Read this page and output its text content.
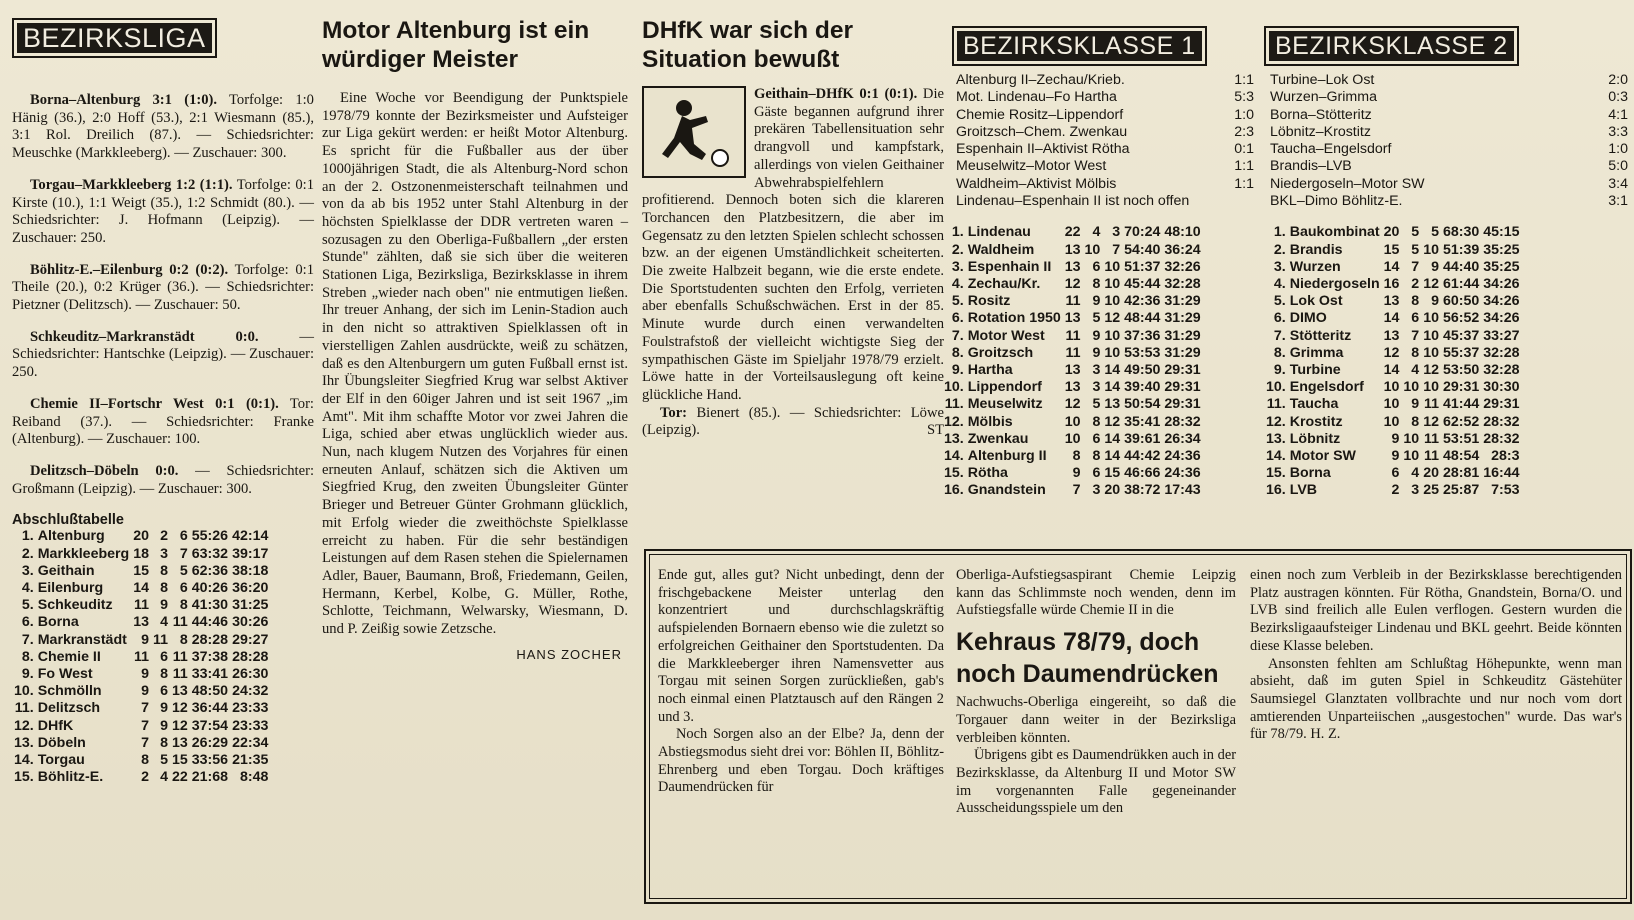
BEZIRKSLIGA

Borna–Altenburg 3:1 (1:0). Torfolge: 1:0 Hänig (36.), 2:0 Hoff (53.), 2:1 Wiesmann (85.), 3:1 Rol. Dreilich (87.). — Schiedsrichter: Meuschke (Markkleeberg). — Zuschauer: 300.

Torgau–Markkleeberg 1:2 (1:1). Torfolge: 0:1 Kirste (10.), 1:1 Weigt (35.), 1:2 Schmidt (80.). — Schiedsrichter: J. Hofmann (Leipzig). — Zuschauer: 250.

Böhlitz-E.–Eilenburg 0:2 (0:2). Torfolge: 0:1 Theile (20.), 0:2 Krüger (36.). — Schiedsrichter: Pietzner (Delitzsch). — Zuschauer: 50.

Schkeuditz–Markranstädt 0:0. — Schiedsrichter: Hantschke (Leipzig). — Zuschauer: 250.

Chemie II–Fortschr West 0:1 (0:1). Tor: Reiband (37.). — Schiedsrichter: Franke (Altenburg). — Zuschauer: 100.

Delitzsch–Döbeln 0:0. — Schiedsrichter: Großmann (Leipzig). — Zuschauer: 300.

Abschlußtabelle
1.	Altenburg	20	2	6	55:26	42:14
2.	Markkleeberg	18	3	7	63:32	39:17
3.	Geithain	15	8	5	62:36	38:18
4.	Eilenburg	14	8	6	40:26	36:20
5.	Schkeuditz	11	9	8	41:30	31:25
6.	Borna	13	4	11	44:46	30:26
7.	Markranstädt	9	11	8	28:28	29:27
8.	Chemie II	11	6	11	37:38	28:28
9.	Fo West	9	8	11	33:41	26:30
10.	Schmölln	9	6	13	48:50	24:32
11.	Delitzsch	7	9	12	36:44	23:33
12.	DHfK	7	9	12	37:54	23:33
13.	Döbeln	7	8	13	26:29	22:34
14.	Torgau	8	5	15	33:56	21:35
15.	Böhlitz-E.	2	4	22	21:68	8:48
Motor Altenburg ist ein würdiger Meister

Eine Woche vor Beendigung der Punktspiele 1978/79 konnte der Bezirksmeister und Aufsteiger zur Liga gekürt werden: er heißt Motor Altenburg. Es spricht für die Fußballer aus der über 1000jährigen Stadt, die als Altenburg-Nord schon an der 2. Ostzonenmeisterschaft teilnahmen und von da ab bis 1952 unter Stahl Altenburg in der höchsten Spielklasse der DDR vertreten waren – sozusagen zu den Oberliga-Fußballern „der ersten Stunde" zählten, daß sie sich über die weiteren Stationen Liga, Bezirksliga, Bezirksklasse in ihrem Streben „wieder nach oben" nie entmutigen ließen. Ihr treuer Anhang, der sich im Lenin-Stadion auch in den nicht so attraktiven Spielklassen oft in vierstelligen Zahlen ausdrückte, weiß zu schätzen, daß es den Altenburgern um guten Fußball ernst ist. Ihr Übungsleiter Siegfried Krug war selbst Aktiver der Elf in den 60iger Jahren und ist seit 1967 „im Amt". Mit ihm schaffte Motor vor zwei Jahren die Liga, schied aber etwas unglücklich wieder aus. Nun, nach klugem Nutzen des Vorjahres für einen erneuten Anlauf, schätzen sich die Aktiven um Siegfried Krug, den zweiten Übungsleiter Günter Brieger und Betreuer Günter Grohmann glücklich, mit Erfolg wieder die zweithöchste Spielklasse erreicht zu haben. Für die sehr beständigen Leistungen auf dem Rasen stehen die Spielernamen Adler, Bauer, Baumann, Broß, Friedemann, Geilen, Hermann, Kerbel, Kolbe, G. Müller, Rothe, Schlotte, Teichmann, Welwarsky, Wiesmann, D. und P. Zeißig sowie Zetzsche.

HANS ZOCHER
DHfK war sich der Situation bewußt

Geithain–DHfK 0:1 (0:1). Die Gäste begannen aufgrund ihrer prekären Tabellensituation sehr drangvoll und kampfstark, allerdings von vielen Geithainer Abwehrabspielfehlern profitierend. Dennoch boten sich die klareren Torchancen den Platzbesitzern, die aber im Gegensatz zu den letzten Spielen schlecht schossen bzw. an der eigenen Umständlichkeit scheiterten. Die zweite Halbzeit begann, wie die erste endete. Die Sportstudenten suchten den Erfolg, verrieten aber ebenfalls Schußschwächen. Erst in der 85. Minute wurde durch einen verwandelten Foulstrafstoß der vielleicht wichtigste Sieg der sympathischen Gäste im Spieljahr 1978/79 erzielt. Löwe hatte in der Vorteilsauslegung oft keine glückliche Hand.

Tor: Bienert (85.). — Schiedsrichter: Löwe (Leipzig).	ST

BEZIRKSKLASSE 1
Altenburg II–Zechau/Krieb.	1:1
Mot. Lindenau–Fo Hartha	5:3
Chemie Rositz–Lippendorf	1:0
Groitzsch–Chem. Zwenkau	2:3
Espenhain II–Aktivist Rötha	0:1
Meuselwitz–Motor West	1:1
Waldheim–Aktivist Mölbis	1:1
Lindenau–Espenhain II ist noch offen
1.	Lindenau	22	4	3	70:24	48:10
2.	Waldheim	13	10	7	54:40	36:24
3.	Espenhain II	13	6	10	51:37	32:26
4.	Zechau/Kr.	12	8	10	45:44	32:28
5.	Rositz	11	9	10	42:36	31:29
6.	Rotation 1950	13	5	12	48:44	31:29
7.	Motor West	11	9	10	37:36	31:29
8.	Groitzsch	11	9	10	53:53	31:29
9.	Hartha	13	3	14	49:50	29:31
10.	Lippendorf	13	3	14	39:40	29:31
11.	Meuselwitz	12	5	13	50:54	29:31
12.	Mölbis	10	8	12	35:41	28:32
13.	Zwenkau	10	6	14	39:61	26:34
14.	Altenburg II	8	8	14	44:42	24:36
15.	Rötha	9	6	15	46:66	24:36
16.	Gnandstein	7	3	20	38:72	17:43
BEZIRKSKLASSE 2
Turbine–Lok Ost	2:0
Wurzen–Grimma	0:3
Borna–Stötteritz	4:1
Löbnitz–Krostitz	3:3
Taucha–Engelsdorf	1:0
Brandis–LVB	5:0
Niedergoseln–Motor SW	3:4
BKL–Dimo Böhlitz-E.	3:1
1.	Baukombinat	20	5	5	68:30	45:15
2.	Brandis	15	5	10	51:39	35:25
3.	Wurzen	14	7	9	44:40	35:25
4.	Niedergoseln	16	2	12	61:44	34:26
5.	Lok Ost	13	8	9	60:50	34:26
6.	DIMO	14	6	10	56:52	34:26
7.	Stötteritz	13	7	10	45:37	33:27
8.	Grimma	12	8	10	55:37	32:28
9.	Turbine	14	4	12	53:50	32:28
10.	Engelsdorf	10	10	10	29:31	30:30
11.	Taucha	10	9	11	41:44	29:31
12.	Krostitz	10	8	12	62:52	28:32
13.	Löbnitz	9	10	11	53:51	28:32
14.	Motor SW	9	10	11	48:54	28:3
15.	Borna	6	4	20	28:81	16:44
16.	LVB	2	3	25	25:87	7:53

Ende gut, alles gut? Nicht unbedingt, denn der frischgebackene Meister unterlag den konzentriert und durchschlagskräftig aufspielenden Bornaern ebenso wie die zuletzt so erfolgreichen Geithainer den Sportstudenten. Da die Markkleeberger ihren Namensvetter aus Torgau mit seinen Sorgen zurückließen, gab's noch einmal einen Platztausch auf den Rängen 2 und 3.

Noch Sorgen also an der Elbe? Ja, denn der Abstiegsmodus sieht drei vor: Böhlen II, Böhlitz-Ehrenberg und eben Torgau. Doch kräftiges Daumendrücken für

Oberliga-Aufstiegsaspirant Chemie Leipzig kann das Schlimmste noch wenden, denn im Aufstiegsfalle würde Chemie II in die

Kehraus 78/79, doch noch Daumendrücken

Nachwuchs-Oberliga eingereiht, so daß die Torgauer dann weiter in der Bezirksliga verbleiben könnten.

Übrigens gibt es Daumendrükken auch in der Bezirksklasse, da Altenburg II und Motor SW im vorgenannten Falle gegeneinander Ausscheidungsspiele um den

einen noch zum Verbleib in der Bezirksklasse berechtigenden Platz austragen könnten. Für Rötha, Gnandstein, Borna/O. und LVB sind freilich alle Eulen verflogen. Gestern wurden die Bezirksligaaufsteiger Lindenau und BKL geehrt. Beide könnten diese Klasse beleben.

Ansonsten fehlten am Schlußtag Höhepunkte, wenn man absieht, daß im guten Spiel in Schkeuditz Gästehüter Saumsiegel Glanztaten vollbrachte und nur noch vom dort amtierenden Unparteiischen „ausgestochen" wurde. Das war's für 78/79. H. Z.
